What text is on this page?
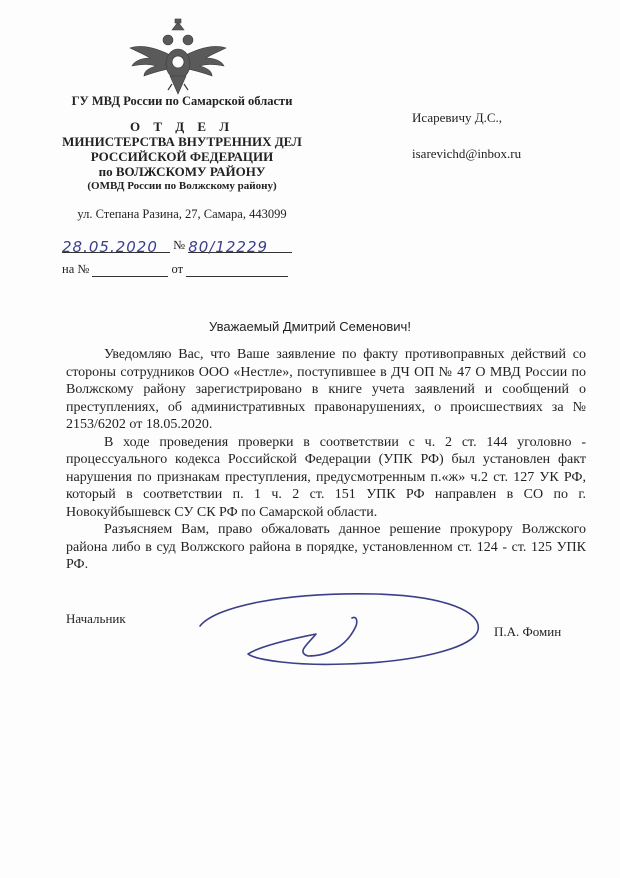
ГУ МВД России по Самарской области
О Т Д Е Л
МИНИСТЕРСТВА ВНУТРЕННИХ ДЕЛ
РОССИЙСКОЙ ФЕДЕРАЦИИ
по ВОЛЖСКОМУ РАЙОНУ
(ОМВД России по Волжскому району)
ул. Степана Разина, 27, Самара, 443099
28.05.2020 № 80/12229
на №	от
Исаревичу Д.С.,
isarevichd@inbox.ru
Уважаемый Дмитрий Семенович!

Уведомляю Вас, что Ваше заявление по факту противоправных действий со стороны сотрудников ООО «Нестле», поступившее в ДЧ ОП № 47 О МВД России по Волжскому району зарегистрировано в книге учета заявлений и сообщений о преступлениях, об административных правонарушениях, о происшествиях за № 2153/6202 от 18.05.2020.

В ходе проведения проверки в соответствии с ч. 2 ст. 144 уголовно - процессуального кодекса Российской Федерации (УПК РФ) был установлен факт нарушения по признакам преступления, предусмотренным п.«ж» ч.2 ст. 127 УК РФ, который в соответствии п. 1 ч. 2 ст. 151 УПК РФ направлен в СО по г. Новокуйбышевск СУ СК РФ по Самарской области.

Разъясняем Вам, право обжаловать данное решение прокурору Волжского района либо в суд Волжского района в порядке, установленном ст. 124 - ст. 125 УПК РФ.

Начальник
П.А. Фомин
